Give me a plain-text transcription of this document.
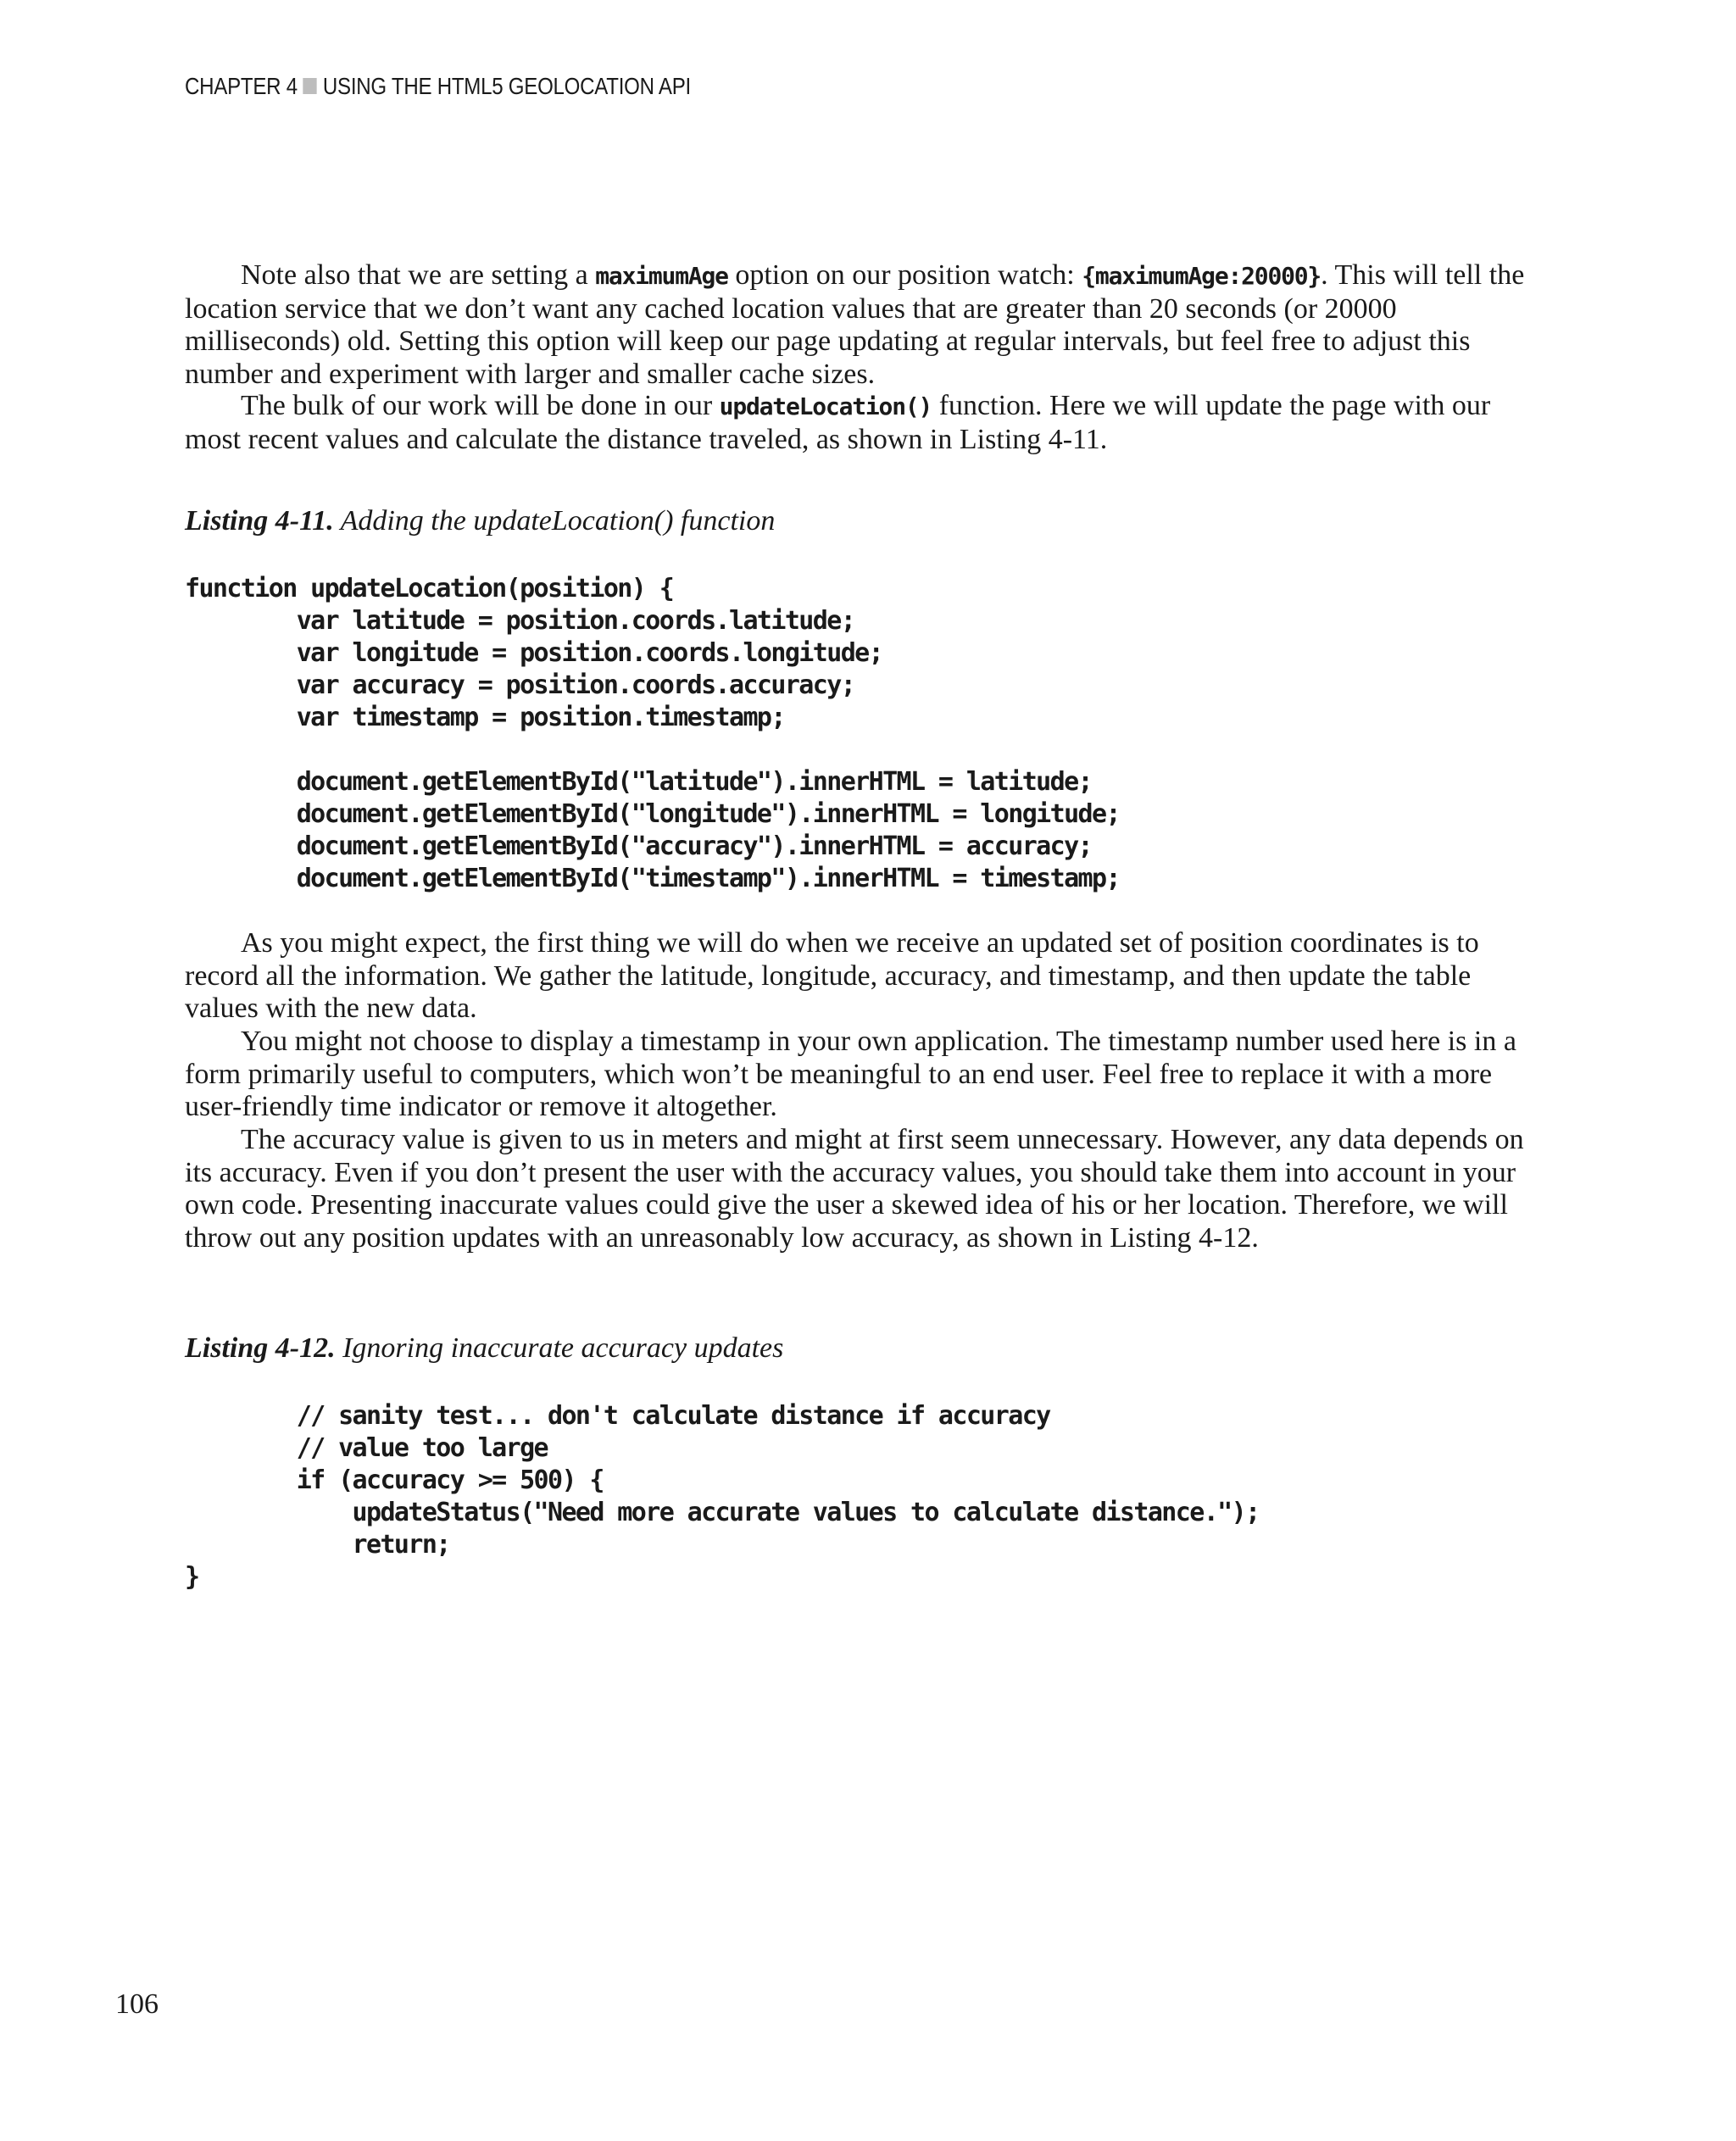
CHAPTER 4 USING THE HTML5 GEOLOCATION API

Note also that we are setting a maximumAge option on our position watch: {maximumAge:20000}. This will tell the location service that we don’t want any cached location values that are greater than 20 seconds (or 20000 milliseconds) old. Setting this option will keep our page updating at regular intervals, but feel free to adjust this number and experiment with larger and smaller cache sizes.

The bulk of our work will be done in our updateLocation() function. Here we will update the page with our most recent values and calculate the distance traveled, as shown in Listing 4-11.

Listing 4-11. Adding the updateLocation() function

function updateLocation(position) {
var latitude = position.coords.latitude;
var longitude = position.coords.longitude;
var accuracy = position.coords.accuracy;
var timestamp = position.timestamp;

document.getElementById("latitude").innerHTML = latitude;
document.getElementById("longitude").innerHTML = longitude;
document.getElementById("accuracy").innerHTML = accuracy;
document.getElementById("timestamp").innerHTML = timestamp;

As you might expect, the first thing we will do when we receive an updated set of position coordinates is to record all the information. We gather the latitude, longitude, accuracy, and timestamp, and then update the table values with the new data.

You might not choose to display a timestamp in your own application. The timestamp number used here is in a form primarily useful to computers, which won’t be meaningful to an end user. Feel free to replace it with a more user-friendly time indicator or remove it altogether.

The accuracy value is given to us in meters and might at first seem unnecessary. However, any data depends on its accuracy. Even if you don’t present the user with the accuracy values, you should take them into account in your own code. Presenting inaccurate values could give the user a skewed idea of his or her location. Therefore, we will throw out any position updates with an unreasonably low accuracy, as shown in Listing 4-12.

Listing 4-12. Ignoring inaccurate accuracy updates

// sanity test... don't calculate distance if accuracy
// value too large
if (accuracy >= 500) {
updateStatus("Need more accurate values to calculate distance.");
return;
}
106
